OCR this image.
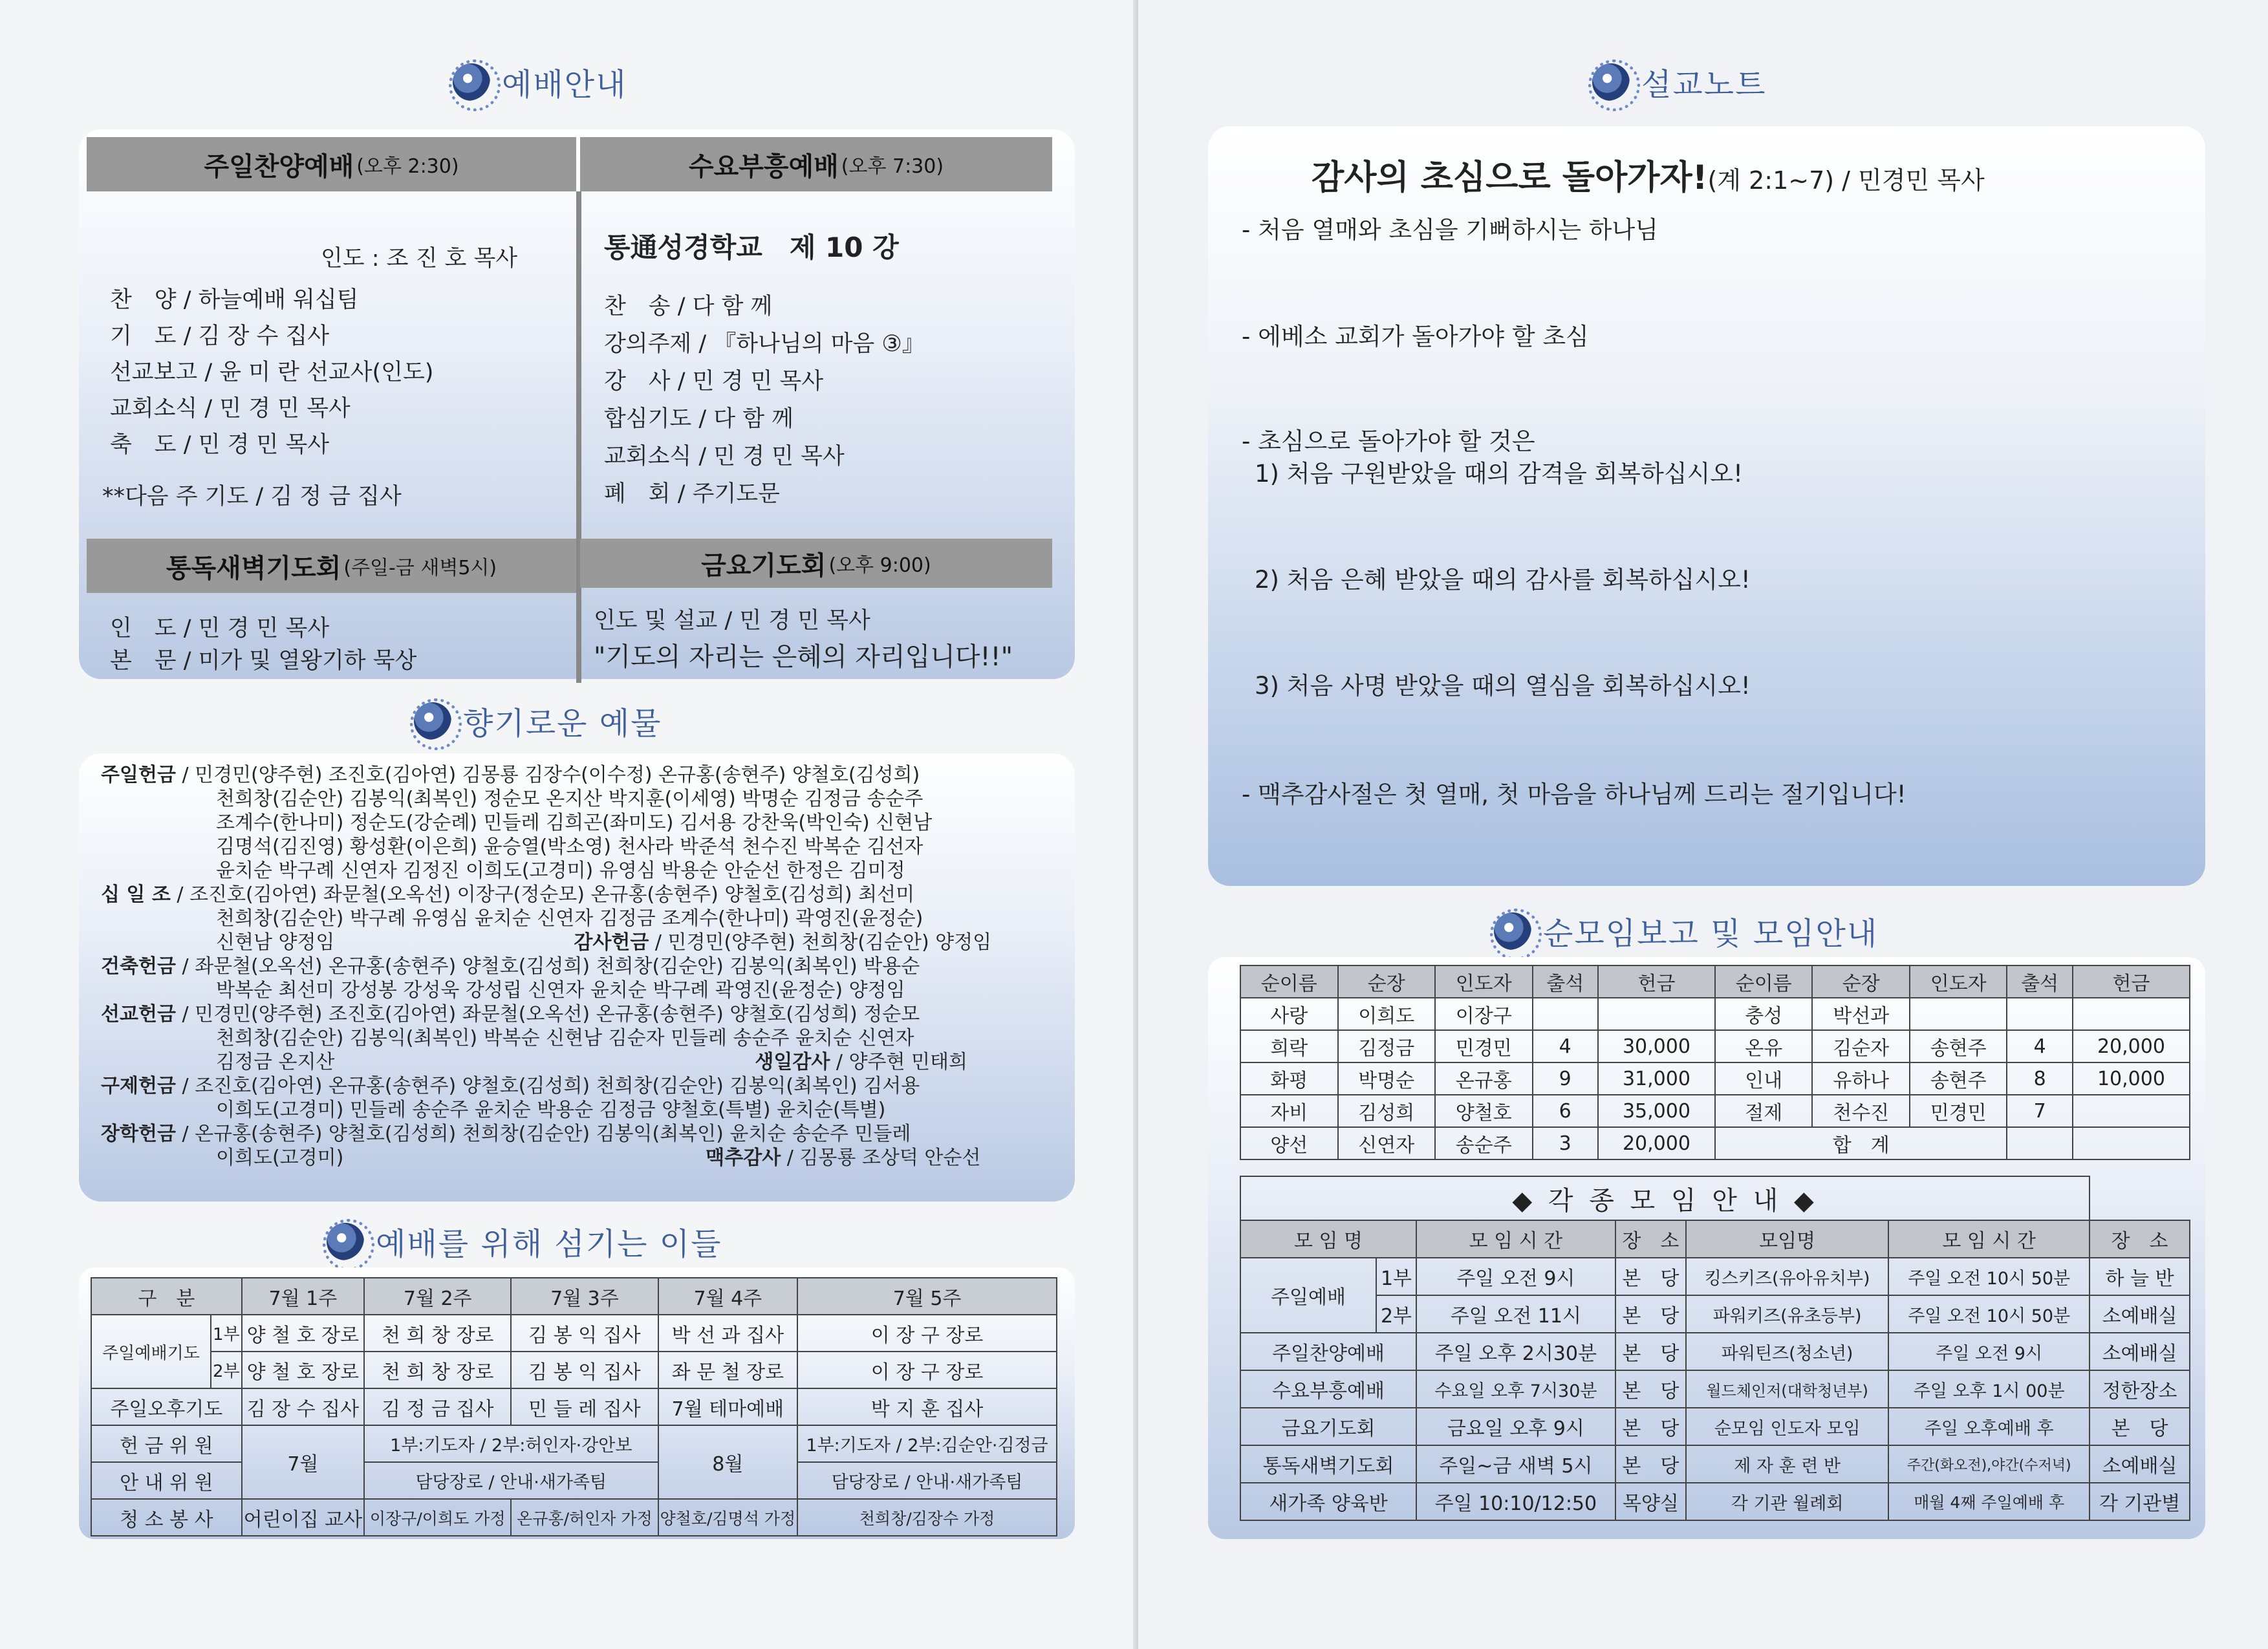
예배안내
주일찬양예배 (오후 2:30)	수요부흥예배 (오후 7:30)
인도 : 조 진 호 목사
찬　양 / 하늘예배 워십팀
기　도 / 김 장 수 집사
선교보고 / 윤 미 란 선교사(인도)
교회소식 / 민 경 민 목사
축　도 / 민 경 민 목사
**다음 주 기도 / 김 정 금 집사
통通성경학교　제 10 강
찬　송 / 다 함 께
강의주제 / 『하나님의 마음 ③』
강　사 / 민 경 민 목사
합심기도 / 다 함 께
교회소식 / 민 경 민 목사
폐　회 / 주기도문
통독새벽기도회 (주일-금 새벽5시)	금요기도회 (오후 9:00)
인　도 / 민 경 민 목사
본　문 / 미가 및 열왕기하 묵상
인도 및 설교 / 민 경 민 목사
"기도의 자리는 은혜의 자리입니다!!"
향기로운 예물
주일헌금 / 민경민(양주현) 조진호(김아연) 김몽룡 김장수(이수정) 온규홍(송현주) 양철호(김성희)
천희창(김순안) 김봉익(최복인) 정순모 온지산 박지훈(이세영) 박명순 김정금 송순주
조계수(한나미) 정순도(강순례) 민들레 김희곤(좌미도) 김서용 강찬욱(박인숙) 신현남
김명석(김진영) 황성환(이은희) 윤승열(박소영) 천사라 박준석 천수진 박복순 김선자
윤치순 박구례 신연자 김정진 이희도(고경미) 유영심 박용순 안순선 한정은 김미정
십 일 조 / 조진호(김아연) 좌문철(오옥선) 이장구(정순모) 온규홍(송현주) 양철호(김성희) 최선미
천희창(김순안) 박구례 유영심 윤치순 신연자 김정금 조계수(한나미) 곽영진(윤정순)
신현남 양정임	감사헌금 / 민경민(양주현) 천희창(김순안) 양정임
건축헌금 / 좌문철(오옥선) 온규홍(송현주) 양철호(김성희) 천희창(김순안) 김봉익(최복인) 박용순
박복순 최선미 강성봉 강성욱 강성립 신연자 윤치순 박구례 곽영진(윤정순) 양정임
선교헌금 / 민경민(양주현) 조진호(김아연) 좌문철(오옥선) 온규홍(송현주) 양철호(김성희) 정순모
천희창(김순안) 김봉익(최복인) 박복순 신현남 김순자 민들레 송순주 윤치순 신연자
김정금 온지산	생일감사 / 양주현 민태희
구제헌금 / 조진호(김아연) 온규홍(송현주) 양철호(김성희) 천희창(김순안) 김봉익(최복인) 김서용
이희도(고경미) 민들레 송순주 윤치순 박용순 김정금 양철호(특별) 윤치순(특별)
장학헌금 / 온규홍(송현주) 양철호(김성희) 천희창(김순안) 김봉익(최복인) 윤치순 송순주 민들레
이희도(고경미)	맥추감사 / 김몽룡 조상덕 안순선
예배를 위해 섬기는 이들
구　분		7월 1주	7월 2주	7월 3주	7월 4주	7월 5주
주일예배기도	1부	양 철 호 장로	천 희 창 장로	김 봉 익 집사	박 선 과 집사	이 장 구 장로
	2부	양 철 호 장로	천 희 창 장로	김 봉 익 집사	좌 문 철 장로	이 장 구 장로
주일오후기도		김 장 수 집사	김 정 금 집사	민 들 레 집사	7월 테마예배	박 지 훈 집사
헌 금 위 원		7월	1부:기도자 / 2부:허인자·강안보		8월	1부:기도자 / 2부:김순안·김정금
안 내 위 원			담당장로 / 안내·새가족팀			담당장로 / 안내·새가족팀
청 소 봉 사		어린이집 교사	이장구/이희도 가정	온규홍/허인자 가정	양철호/김명석 가정	천희창/김장수 가정
설교노트
감사의 초심으로 돌아가자!(계 2:1~7) / 민경민 목사
- 처음 열매와 초심을 기뻐하시는 하나님
- 에베소 교회가 돌아가야 할 초심
- 초심으로 돌아가야 할 것은
1) 처음 구원받았을 때의 감격을 회복하십시오!
2) 처음 은혜 받았을 때의 감사를 회복하십시오!
3) 처음 사명 받았을 때의 열심을 회복하십시오!
- 맥추감사절은 첫 열매, 첫 마음을 하나님께 드리는 절기입니다!
순모임보고 및 모임안내
순이름	순장	인도자	출석	헌금	순이름	순장	인도자	출석	헌금
사랑	이희도	이장구			충성	박선과			
희락	김정금	민경민	4	30,000	온유	김순자	송현주	4	20,000
화평	박명순	온규홍	9	31,000	인내	유하나	송현주	8	10,000
자비	김성희	양철호	6	35,000	절제	천수진	민경민	7	
양선	신연자	송순주	3	20,000	합　계				
◆ 각 종 모 임 안 내 ◆						
모 임 명		모 임 시 간	장　소	모임명	모 임 시 간	장　소
주일예배	1부	주일 오전 9시	본　당	킹스키즈(유아유치부)	주일 오전 10시 50분	하 늘 반
	2부	주일 오전 11시	본　당	파워키즈(유초등부)	주일 오전 10시 50분	소예배실
주일찬양예배		주일 오후 2시30분	본　당	파워틴즈(청소년)	주일 오전 9시	소예배실
수요부흥예배		수요일 오후 7시30분	본　당	월드체인저(대학청년부)	주일 오후 1시 00분	정한장소
금요기도회		금요일 오후 9시	본　당	순모임 인도자 모임	주일 오후예배 후	본　당
통독새벽기도회		주일~금 새벽 5시	본　당	제 자 훈 련 반	주간(화오전),야간(수저녁)	소예배실
새가족 양육반		주일 10:10/12:50	목양실	각 기관 월례회	매월 4째 주일예배 후	각 기관별
